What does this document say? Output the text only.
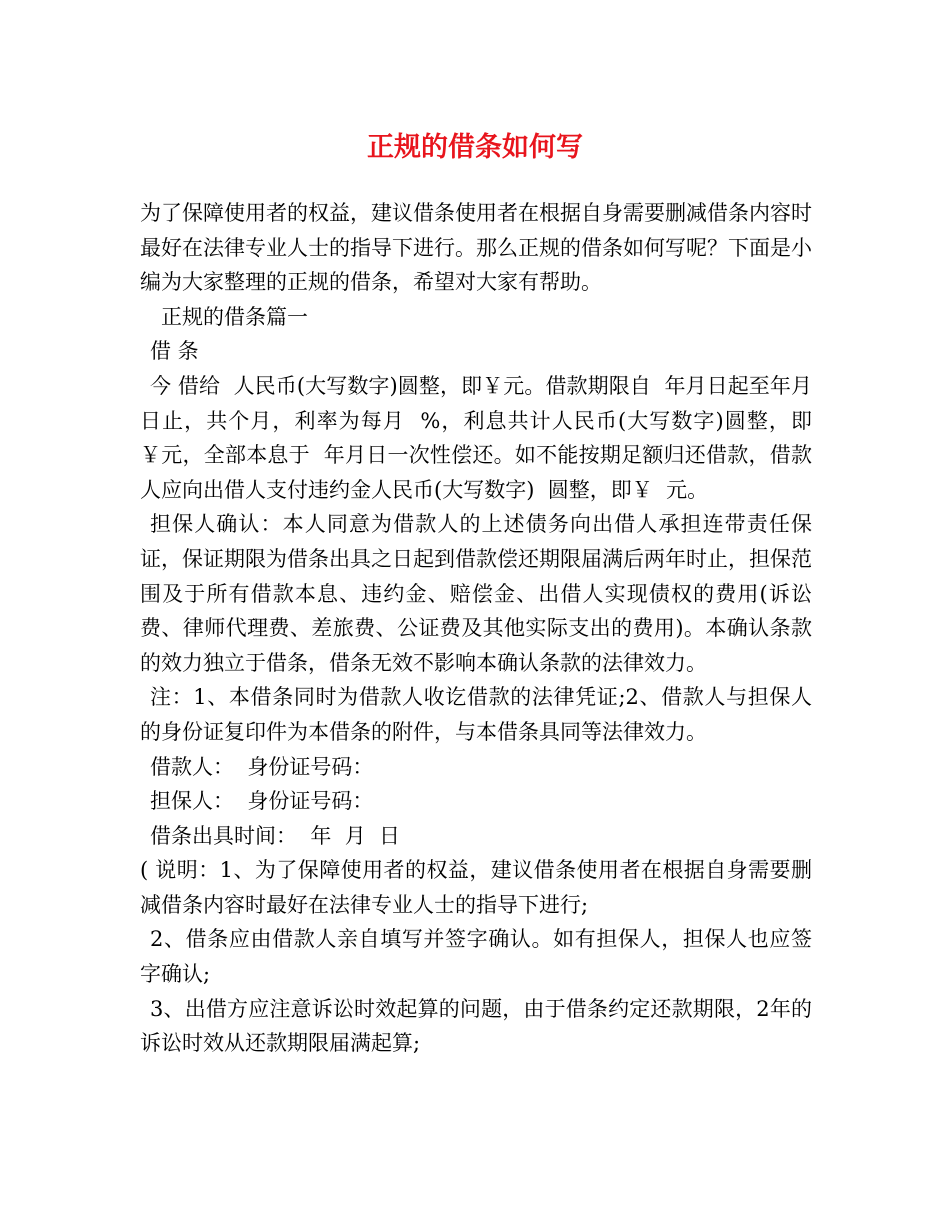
正规的借条如何写

为了保障使用者的权益，建议借条使用者在根据自身需要删减借条内容时最好在法律专业人士的指导下进行。那么正规的借条如何写呢？下面是小编为大家整理的正规的借条，希望对大家有帮助。

正规的借条篇一

借 条

今 借给  人民币(大写数字)圆整，即￥元。借款期限自  年月日起至年月日止，共个月，利率为每月  %，利息共计人民币(大写数字)圆整，即￥元，全部本息于  年月日一次性偿还。如不能按期足额归还借款，借款人应向出借人支付违约金人民币(大写数字)  圆整，即￥  元。

担保人确认：本人同意为借款人的上述债务向出借人承担连带责任保证，保证期限为借条出具之日起到借款偿还期限届满后两年时止，担保范围及于所有借款本息、违约金、赔偿金、出借人实现债权的费用(诉讼费、律师代理费、差旅费、公证费及其他实际支出的费用)。本确认条款的效力独立于借条，借条无效不影响本确认条款的法律效力。

注：1、本借条同时为借款人收讫借款的法律凭证;2、借款人与担保人的身份证复印件为本借条的附件，与本借条具同等法律效力。

借款人：  身份证号码：

担保人：  身份证号码：

借条出具时间：  年  月  日

( 说明：1、为了保障使用者的权益，建议借条使用者在根据自身需要删减借条内容时最好在法律专业人士的指导下进行;

2、借条应由借款人亲自填写并签字确认。如有担保人，担保人也应签字确认;

3、出借方应注意诉讼时效起算的问题，由于借条约定还款期限，2年的诉讼时效从还款期限届满起算;
